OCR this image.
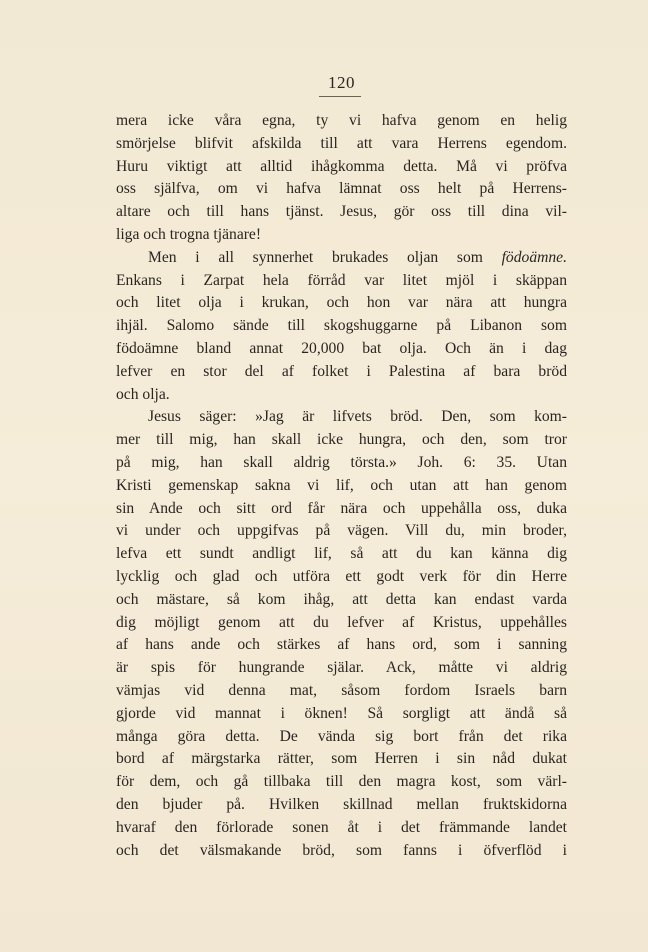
120
mera icke våra egna, ty vi hafva genom en helig
smörjelse blifvit afskilda till att vara Herrens egendom.
Huru viktigt att alltid ihågkomma detta. Må vi pröfva
oss själfva, om vi hafva lämnat oss helt på Herrens-
altare och till hans tjänst. Jesus, gör oss till dina vil-
liga och trogna tjänare!
Men i all synnerhet brukades oljan som födoämne.
Enkans i Zarpat hela förråd var litet mjöl i skäppan
och litet olja i krukan, och hon var nära att hungra
ihjäl. Salomo sände till skogshuggarne på Libanon som
födoämne bland annat 20,000 bat olja. Och än i dag
lefver en stor del af folket i Palestina af bara bröd
och olja.
Jesus säger: »Jag är lifvets bröd. Den, som kom-
mer till mig, han skall icke hungra, och den, som tror
på mig, han skall aldrig törsta.» Joh. 6: 35. Utan
Kristi gemenskap sakna vi lif, och utan att han genom
sin Ande och sitt ord får nära och uppehålla oss, duka
vi under och uppgifvas på vägen. Vill du, min broder,
lefva ett sundt andligt lif, så att du kan känna dig
lycklig och glad och utföra ett godt verk för din Herre
och mästare, så kom ihåg, att detta kan endast varda
dig möjligt genom att du lefver af Kristus, uppehålles
af hans ande och stärkes af hans ord, som i sanning
är spis för hungrande själar. Ack, måtte vi aldrig
vämjas vid denna mat, såsom fordom Israels barn
gjorde vid mannat i öknen! Så sorgligt att ändå så
många göra detta. De vända sig bort från det rika
bord af märgstarka rätter, som Herren i sin nåd dukat
för dem, och gå tillbaka till den magra kost, som värl-
den bjuder på. Hvilken skillnad mellan fruktskidorna
hvaraf den förlorade sonen åt i det främmande landet
och det välsmakande bröd, som fanns i öfverflöd i
